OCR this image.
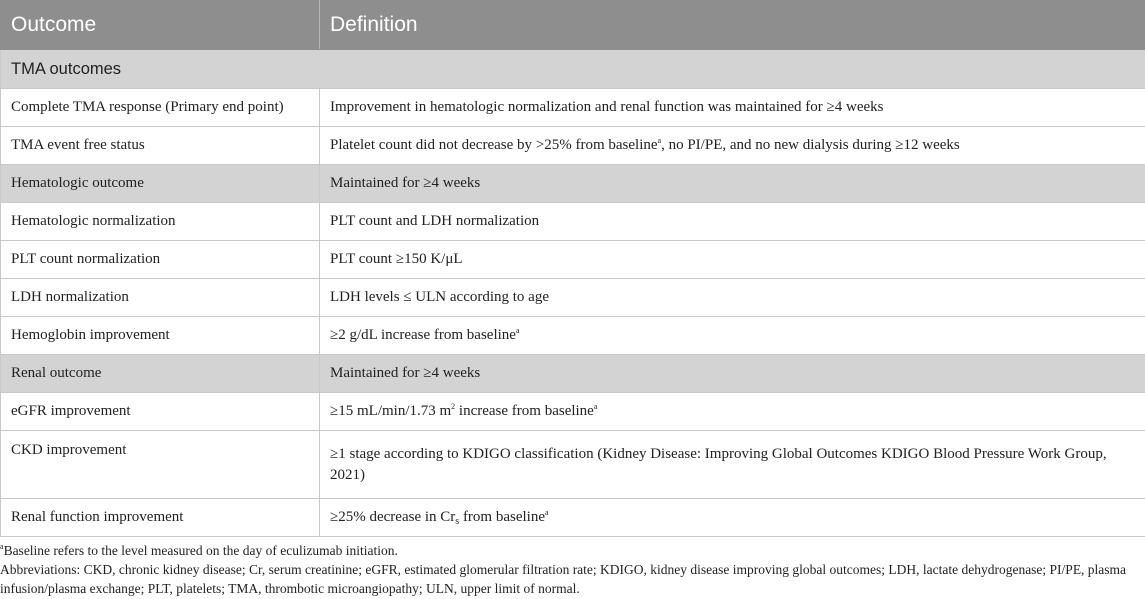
Outcome	Definition
TMA outcomes	
Complete TMA response (Primary end point)	Improvement in hematologic normalization and renal function was maintained for ≥4 weeks
TMA event free status	Platelet count did not decrease by >25% from baseline$^a$, no PI/PE, and no new dialysis during ≥12 weeks
Hematologic outcome	Maintained for ≥4 weeks
Hematologic normalization	PLT count and LDH normalization
PLT count normalization	PLT count ≥150 K/μL
LDH normalization	LDH levels ≤ ULN according to age
Hemoglobin improvement	≥2 g/dL increase from baseline$^a$
Renal outcome	Maintained for ≥4 weeks
eGFR improvement	≥15 mL/min/1.73 $m^2$ increase from baseline$^a$
CKD improvement	≥1 stage according to KDIGO classification (Kidney Disease: Improving Global Outcomes KDIGO Blood Pressure Work Group, 2021)
Renal function improvement	≥25% decrease in $Cr_s$ from baseline$^a$

$^a$Baseline refers to the level measured on the day of eculizumab initiation.

Abbreviations: CKD, chronic kidney disease; Cr, serum creatinine; eGFR, estimated glomerular filtration rate; KDIGO, kidney disease improving global outcomes; LDH, lactate dehydrogenase; PI/PE, plasma infusion/plasma exchange; PLT, platelets; TMA, thrombotic microangiopathy; ULN, upper limit of normal.
